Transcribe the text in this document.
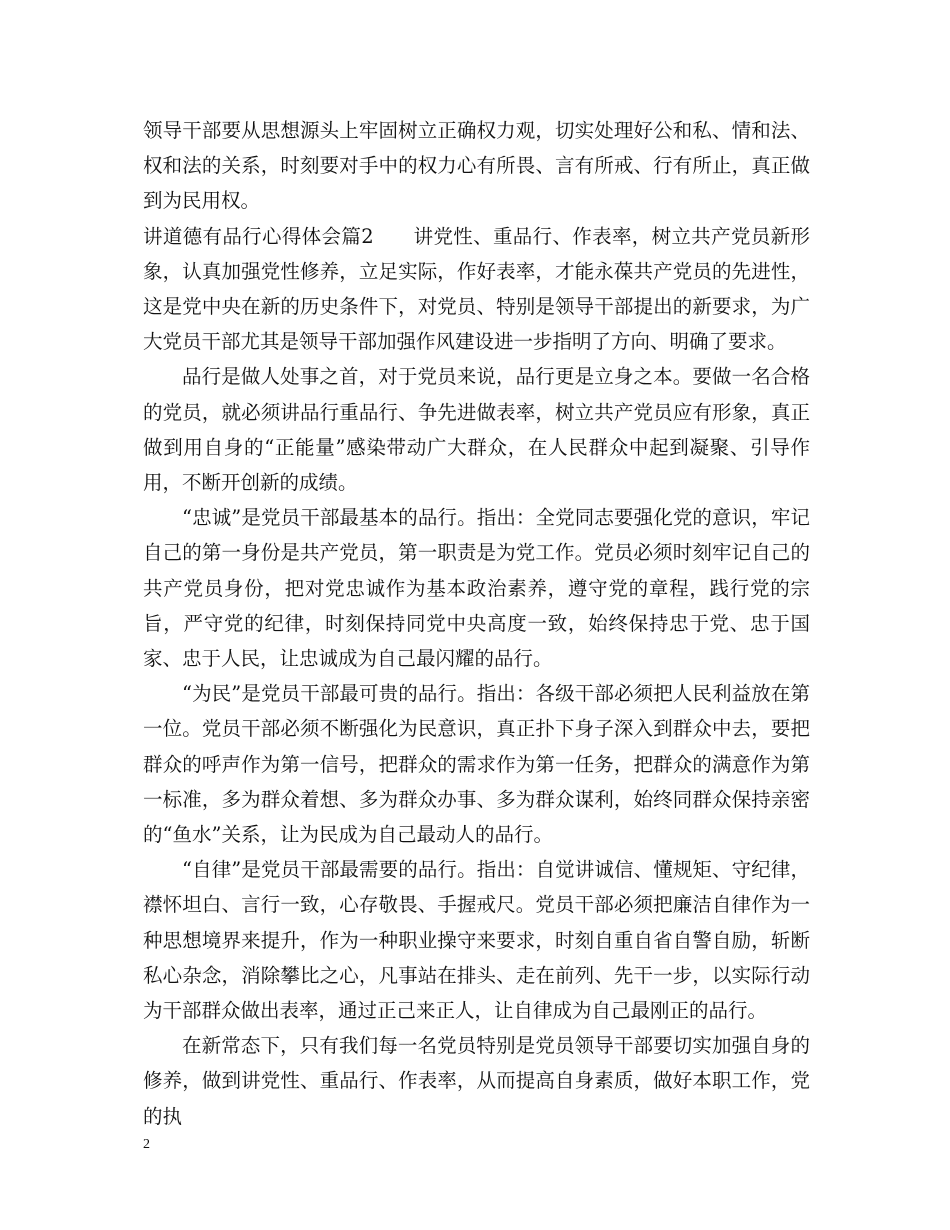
领导干部要从思想源头上牢固树立正确权力观，切实处理好公和私、情和法、权和法的关系，时刻要对手中的权力心有所畏、言有所戒、行有所止，真正做到为民用权。

讲道德有品行心得体会篇2　　讲党性、重品行、作表率，树立共产党员新形象，认真加强党性修养，立足实际，作好表率，才能永葆共产党员的先进性，这是党中央在新的历史条件下，对党员、特别是领导干部提出的新要求，为广大党员干部尤其是领导干部加强作风建设进一步指明了方向、明确了要求。

品行是做人处事之首，对于党员来说，品行更是立身之本。要做一名合格的党员，就必须讲品行重品行、争先进做表率，树立共产党员应有形象，真正做到用自身的“正能量”感染带动广大群众，在人民群众中起到凝聚、引导作用，不断开创新的成绩。

“忠诚”是党员干部最基本的品行。指出：全党同志要强化党的意识，牢记自己的第一身份是共产党员，第一职责是为党工作。党员必须时刻牢记自己的共产党员身份，把对党忠诚作为基本政治素养，遵守党的章程，践行党的宗旨，严守党的纪律，时刻保持同党中央高度一致，始终保持忠于党、忠于国家、忠于人民，让忠诚成为自己最闪耀的品行。

“为民”是党员干部最可贵的品行。指出：各级干部必须把人民利益放在第一位。党员干部必须不断强化为民意识，真正扑下身子深入到群众中去，要把群众的呼声作为第一信号，把群众的需求作为第一任务，把群众的满意作为第一标准，多为群众着想、多为群众办事、多为群众谋利，始终同群众保持亲密的“鱼水”关系，让为民成为自己最动人的品行。

“自律”是党员干部最需要的品行。指出：自觉讲诚信、懂规矩、守纪律，襟怀坦白、言行一致，心存敬畏、手握戒尺。党员干部必须把廉洁自律作为一种思想境界来提升，作为一种职业操守来要求，时刻自重自省自警自励，斩断私心杂念，消除攀比之心，凡事站在排头、走在前列、先干一步，以实际行动为干部群众做出表率，通过正己来正人，让自律成为自己最刚正的品行。

在新常态下，只有我们每一名党员特别是党员领导干部要切实加强自身的修养，做到讲党性、重品行、作表率，从而提高自身素质，做好本职工作，党的执

2
